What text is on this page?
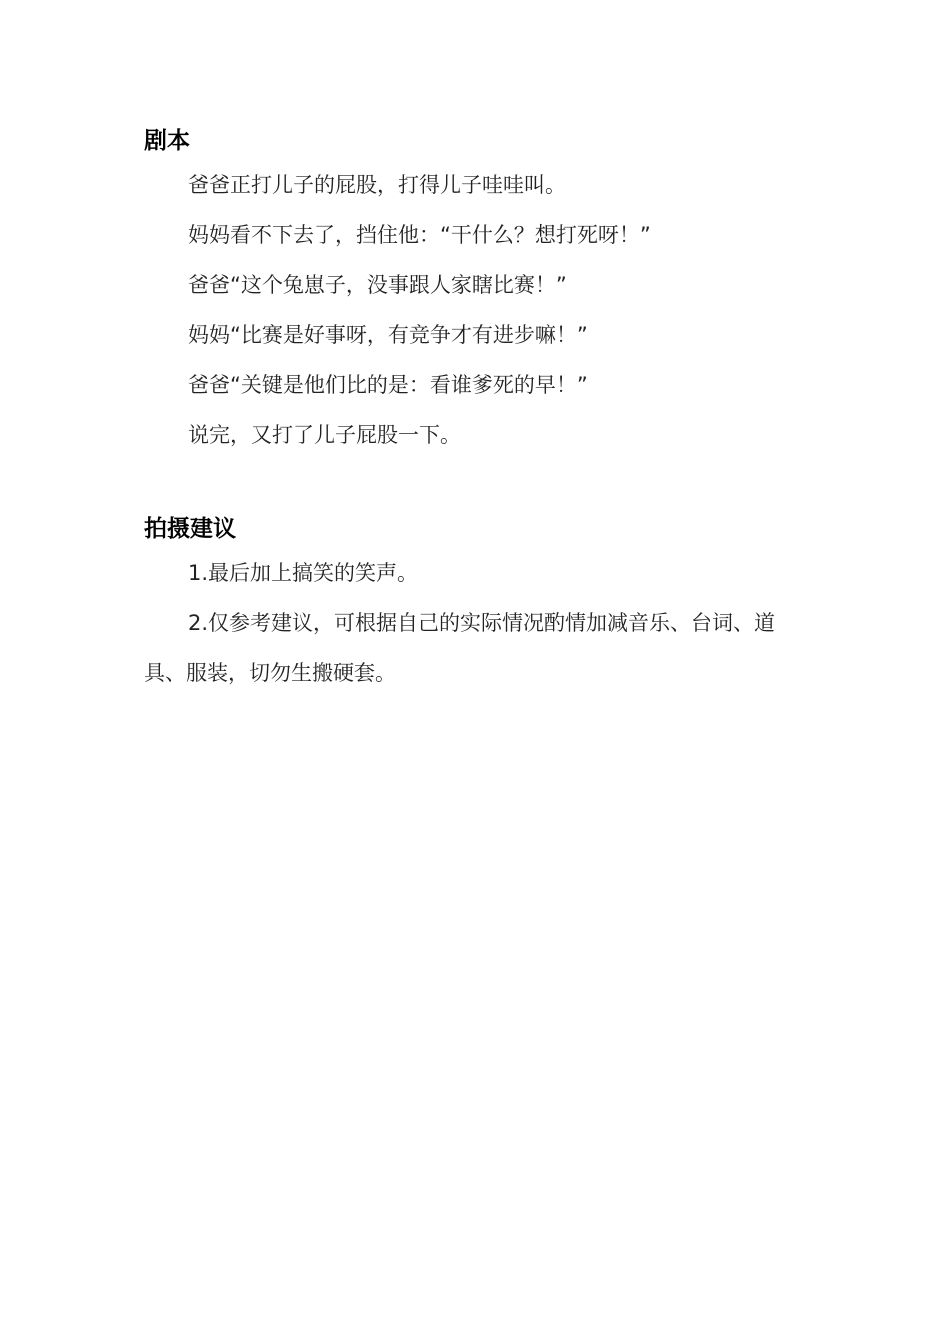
剧本

爸爸正打儿子的屁股，打得儿子哇哇叫。

妈妈看不下去了，挡住他：“干什么？想打死呀！”

爸爸“这个兔崽子，没事跟人家瞎比赛！”

妈妈“比赛是好事呀，有竞争才有进步嘛！”

爸爸“关键是他们比的是：看谁爹死的早！”

说完，又打了儿子屁股一下。

拍摄建议

1.最后加上搞笑的笑声。

2.仅参考建议，可根据自己的实际情况酌情加减音乐、台词、道具、服装，切勿生搬硬套。
